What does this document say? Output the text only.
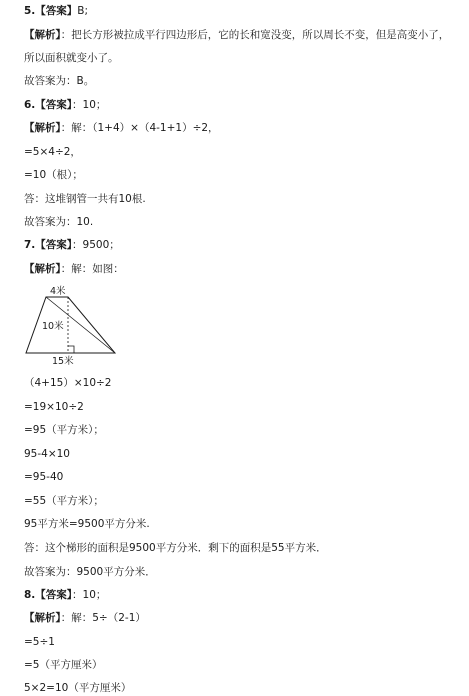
5.【答案】B;
【解析】：把长方形被拉成平行四边形后，它的长和宽没变，所以周长不变，但是高变小了，
所以面积就变小了。
故答案为：B。
6.【答案】：10；
【解析】：解：（1+4）×（4-1+1）÷2，
=5×4÷2，
=10（根）；
答：这堆钢管一共有10根.
故答案为：10.
7.【答案】：9500；
【解析】：解：如图：
4米
10米
15米
（4+15）×10÷2
=19×10÷2
=95（平方米）；
95-4×10
=95-40
=55（平方米）；
95平方米=9500平方分米.
答：这个梯形的面积是9500平方分米．剩下的面积是55平方米．
故答案为：9500平方分米．
8.【答案】：10；
【解析】：解：5÷（2-1）
=5÷1
=5（平方厘米）
5×2=10（平方厘米）
